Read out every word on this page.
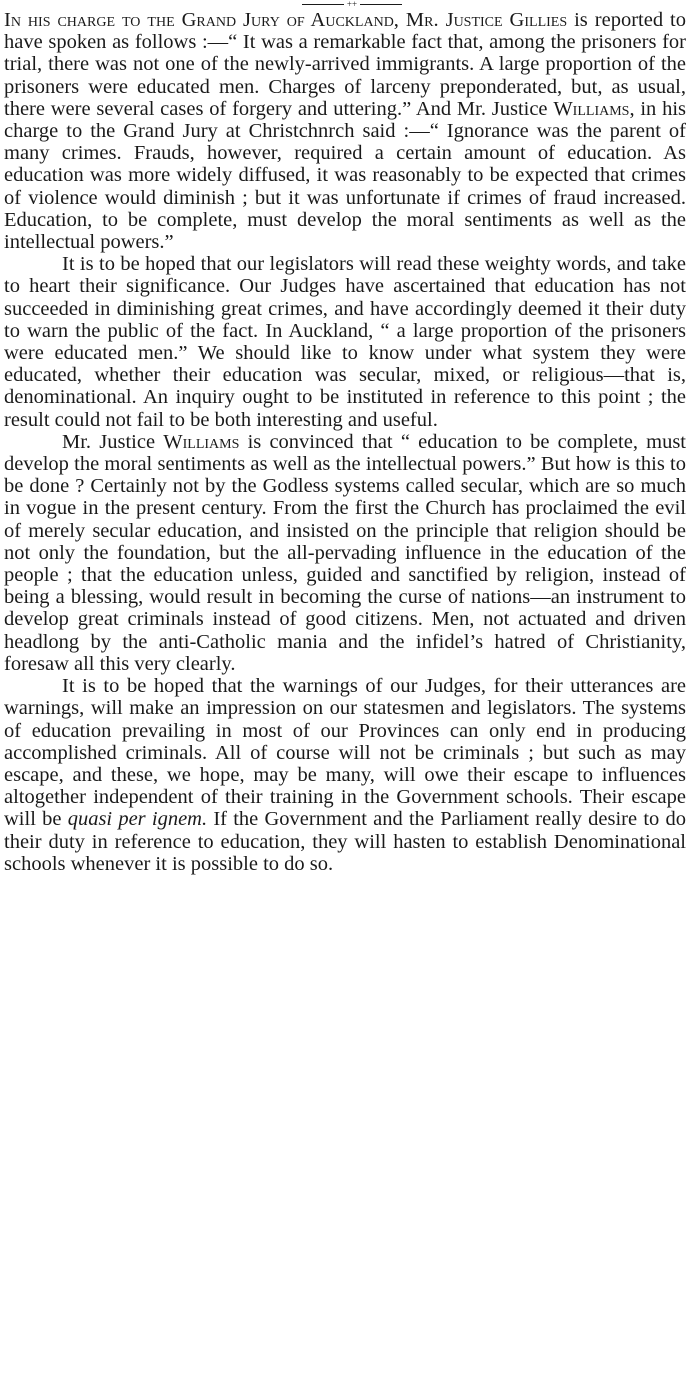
++

In his charge to the Grand Jury of Auckland, Mr. Justice Gillies is reported to have spoken as follows :—“ It was a remarkable fact that, among the prisoners for trial, there was not one of the newly-arrived immigrants. A large proportion of the prisoners were educated men. Charges of larceny preponderated, but, as usual, there were several cases of forgery and uttering.” And Mr. Justice Williams, in his charge to the Grand Jury at Christchnrch said :—“ Ignorance was the parent of many crimes. Frauds, however, required a certain amount of education. As education was more widely diffused, it was reasonably to be expected that crimes of violence would diminish ; but it was unfortunate if crimes of fraud increased. Education, to be complete, must develop the moral sentiments as well as the intellectual powers.”

It is to be hoped that our legislators will read these weighty words, and take to heart their significance. Our Judges have ascertained that education has not succeeded in diminishing great crimes, and have accordingly deemed it their duty to warn the public of the fact. In Auckland, “ a large proportion of the prisoners were educated men.” We should like to know under what system they were educated, whether their education was secular, mixed, or religious—that is, denominational. An inquiry ought to be instituted in reference to this point ; the result could not fail to be both interesting and useful.

Mr. Justice Williams is convinced that “ education to be complete, must develop the moral sentiments as well as the intellectual powers.” But how is this to be done ? Certainly not by the Godless systems called secular, which are so much in vogue in the present century. From the first the Church has proclaimed the evil of merely secular education, and insisted on the principle that religion should be not only the foundation, but the all-pervading influence in the education of the people ; that the education unless, guided and sanctified by religion, instead of being a blessing, would result in becoming the curse of nations—an instrument to develop great criminals instead of good citizens. Men, not actuated and driven headlong by the anti-Catholic mania and the infidel’s hatred of Christianity, foresaw all this very clearly.

It is to be hoped that the warnings of our Judges, for their utterances are warnings, will make an impression on our statesmen and legislators. The systems of education prevailing in most of our Provinces can only end in producing accomplished criminals. All of course will not be criminals ; but such as may escape, and these, we hope, may be many, will owe their escape to influences altogether independent of their training in the Government schools. Their escape will be quasi per ignem. If the Government and the Parliament really desire to do their duty in reference to education, they will hasten to establish Denominational schools whenever it is possible to do so.
